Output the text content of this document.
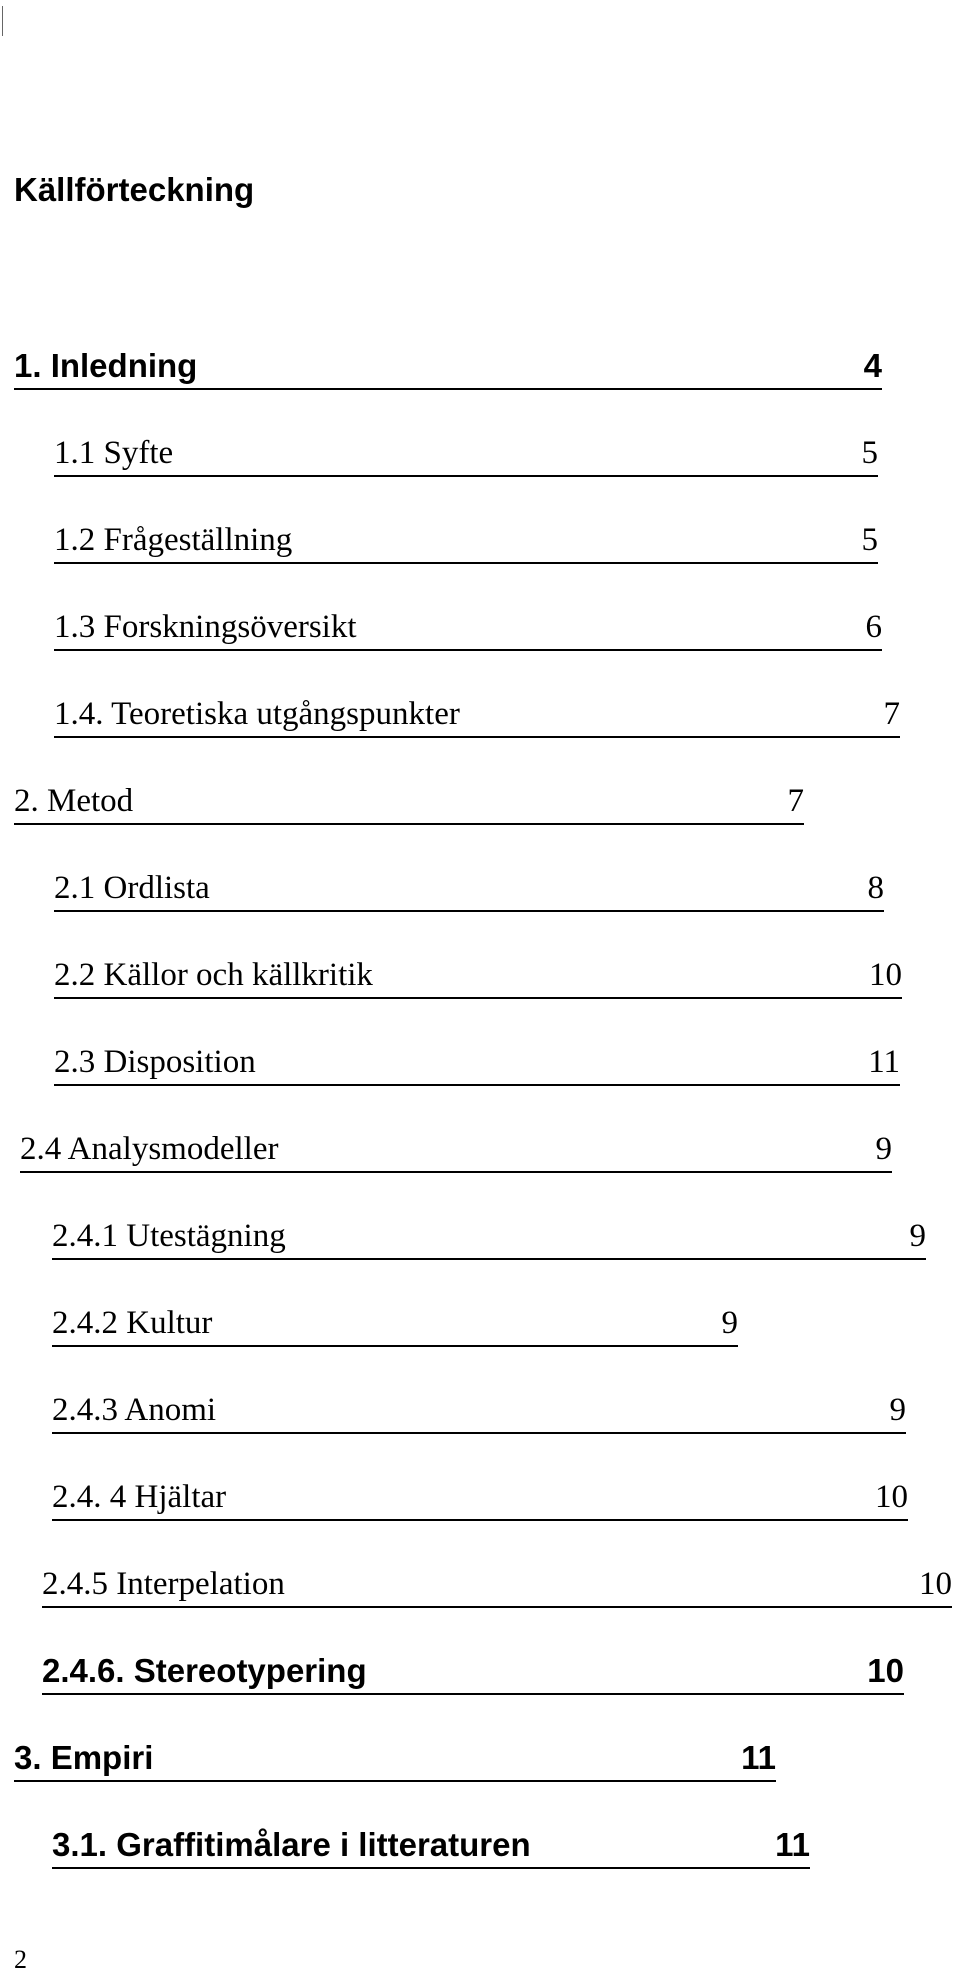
Källförteckning
1. Inledning	4
1.1 Syfte	5
1.2 Frågeställning	5
1.3 Forskningsöversikt	6
1.4. Teoretiska utgångspunkter	7
2. Metod	7
2.1 Ordlista	8
2.2 Källor och källkritik	10
2.3 Disposition	11
2.4 Analysmodeller	9
2.4.1 Utestägning	9
2.4.2 Kultur	9
2.4.3 Anomi	9
2.4. 4 Hjältar	10
2.4.5 Interpelation	10
2.4.6. Stereotypering	10
3. Empiri	11
3.1. Graffitimålare i litteraturen	11
2
